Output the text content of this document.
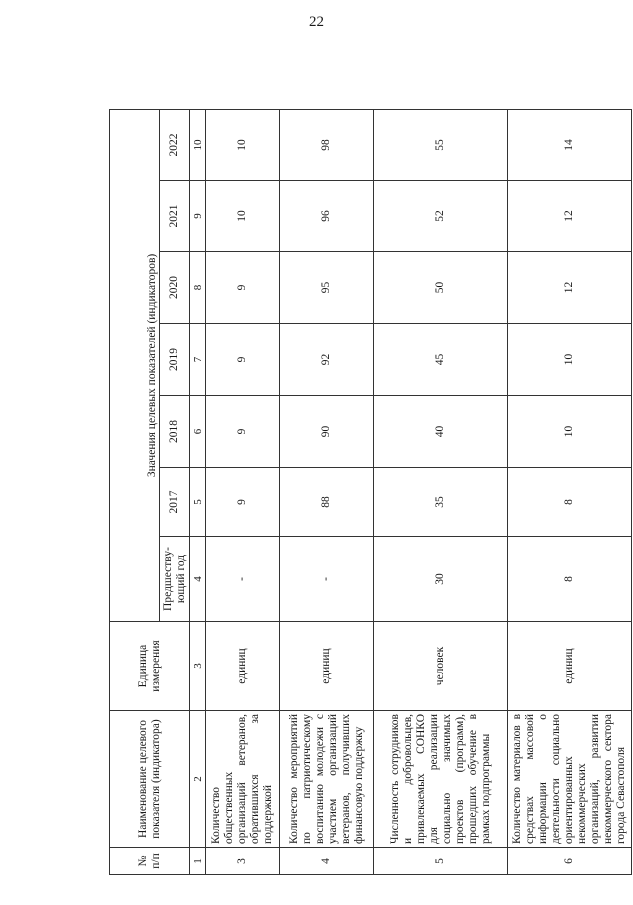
22
№ п/п	Наименование целевого показателя (индикатора)	Единица измерения	Значения целевых показателей (индикаторов)						
			Предшеству-ющий год	2017	2018	2019	2020	2021	2022
1	2	3	4	5	6	7	8	9	10
3	Количество общественных организаций ветеранов, обратившихся за поддержкой	единиц	-	9	9	9	9	10	10
4	Количество мероприятий по патриотическому воспитанию молодежи с участием организаций ветеранов, получивших финансовую поддержку	единиц	-	88	90	92	95	96	98
5	Численность сотрудников и добровольцев, привлекаемых СОНКО для реализации социально значимых проектов (программ), прошедших обучение в рамках подпрограммы	человек	30	35	40	45	50	52	55
6	Количество материалов в средствах массовой информации о деятельности социально ориентированных некоммерческих организаций, развитии некоммерческого сектора города Севастополя	единиц	8	8	10	10	12	12	14
